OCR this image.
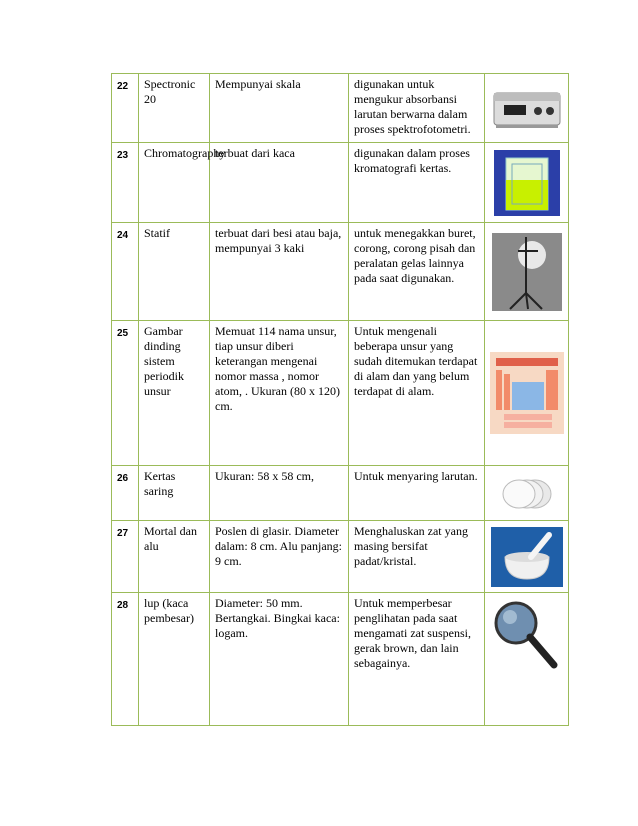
22	Spectronic 20	Mempunyai skala	digunakan untuk mengukur absorbansi larutan berwarna dalam proses spektrofotometri.	

23	Chromatography	terbuat dari kaca	digunakan dalam proses kromatografi kertas.	

24	Statif	terbuat dari besi atau baja, mempunyai 3 kaki	untuk menegakkan buret, corong, corong pisah dan peralatan gelas lainnya pada saat digunakan.	

25	Gambar dinding sistem periodik unsur	Memuat 114 nama unsur, tiap unsur diberi keterangan mengenai nomor massa , nomor atom, . Ukuran (80 x 120) cm.	Untuk mengenali beberapa unsur yang sudah ditemukan terdapat di alam dan yang belum terdapat di alam.	

26	Kertas saring	Ukuran: 58 x 58 cm,	Untuk menyaring larutan.	

27	Mortal dan alu	Poslen di glasir. Diameter dalam: 8 cm. Alu panjang: 9 cm.	Menghaluskan zat yang masing bersifat padat/kristal.	

28	lup (kaca pembesar)	Diameter: 50 mm. Bertangkai. Bingkai kaca: logam.	Untuk memperbesar penglihatan pada saat mengamati zat suspensi, gerak brown, dan lain sebagainya.	
